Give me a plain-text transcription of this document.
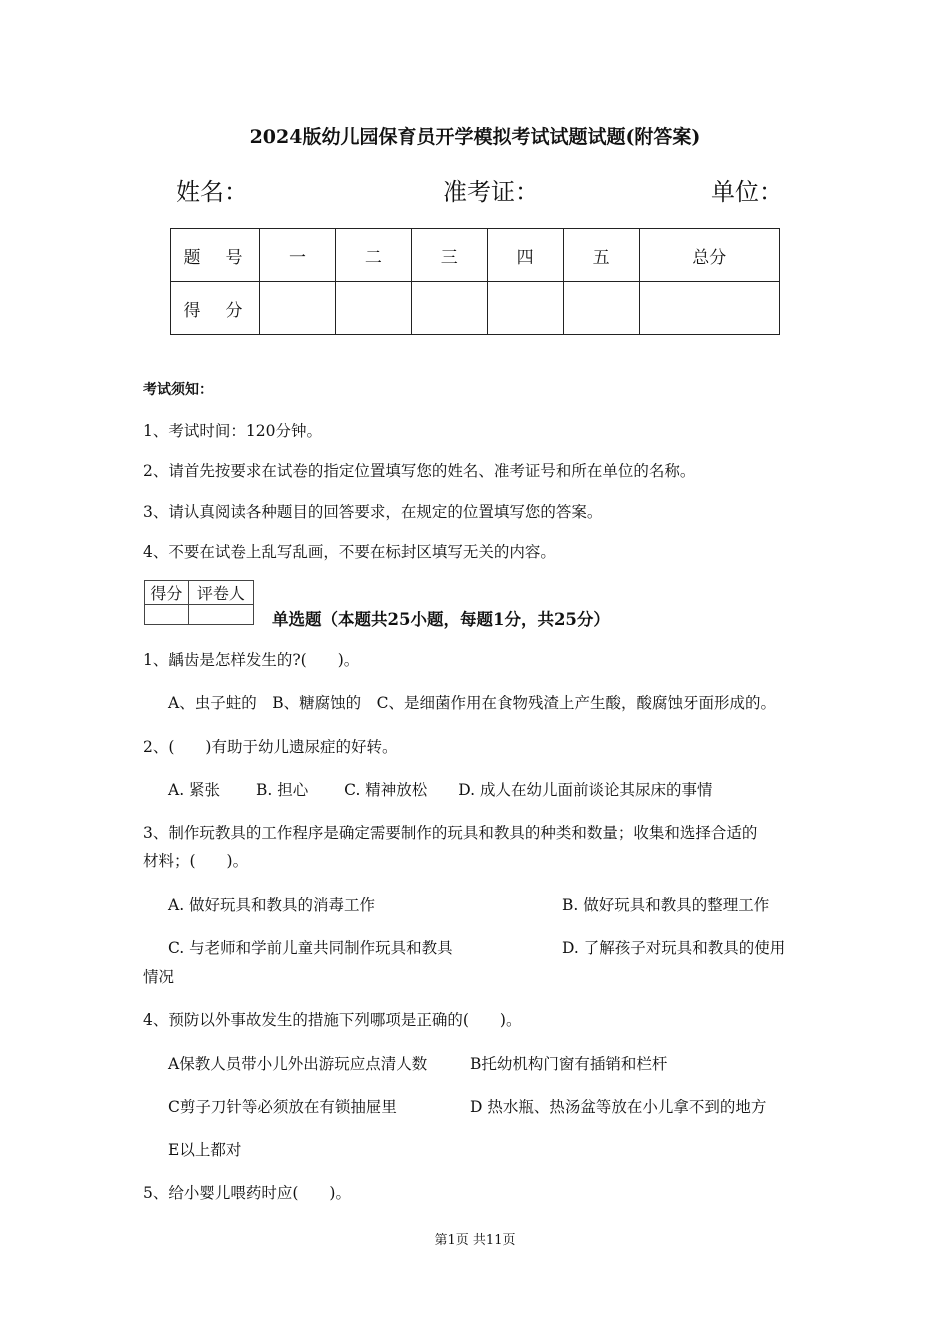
2024版幼儿园保育员开学模拟考试试题试题(附答案)
姓名：	准考证：	单位：
题　号	一	二	三	四	五	总分
得　分						
考试须知：
1、考试时间：120分钟。
2、请首先按要求在试卷的指定位置填写您的姓名、准考证号和所在单位的名称。
3、请认真阅读各种题目的回答要求，在规定的位置填写您的答案。
4、不要在试卷上乱写乱画，不要在标封区填写无关的内容。
得分	评卷人

单选题（本题共25小题，每题1分，共25分）
1、龋齿是怎样发生的?(　　)。
A、虫子蛀的　B、糖腐蚀的　C、是细菌作用在食物残渣上产生酸，酸腐蚀牙面形成的。
2、(　　)有助于幼儿遗尿症的好转。
A. 紧张　　 B. 担心　　 C. 精神放松　　D. 成人在幼儿面前谈论其尿床的事情
3、制作玩教具的工作程序是确定需要制作的玩具和教具的种类和数量；收集和选择合适的
材料；(　　)。
A. 做好玩具和教具的消毒工作	B. 做好玩具和教具的整理工作
C. 与老师和学前儿童共同制作玩具和教具	D. 了解孩子对玩具和教具的使用
情况
4、预防以外事故发生的措施下列哪项是正确的(　　)。
A保教人员带小儿外出游玩应点清人数	B托幼机构门窗有插销和栏杆
C剪子刀针等必须放在有锁抽屉里	D 热水瓶、热汤盆等放在小儿拿不到的地方
E以上都对
5、给小婴儿喂药时应(　　)。
第1页 共11页
